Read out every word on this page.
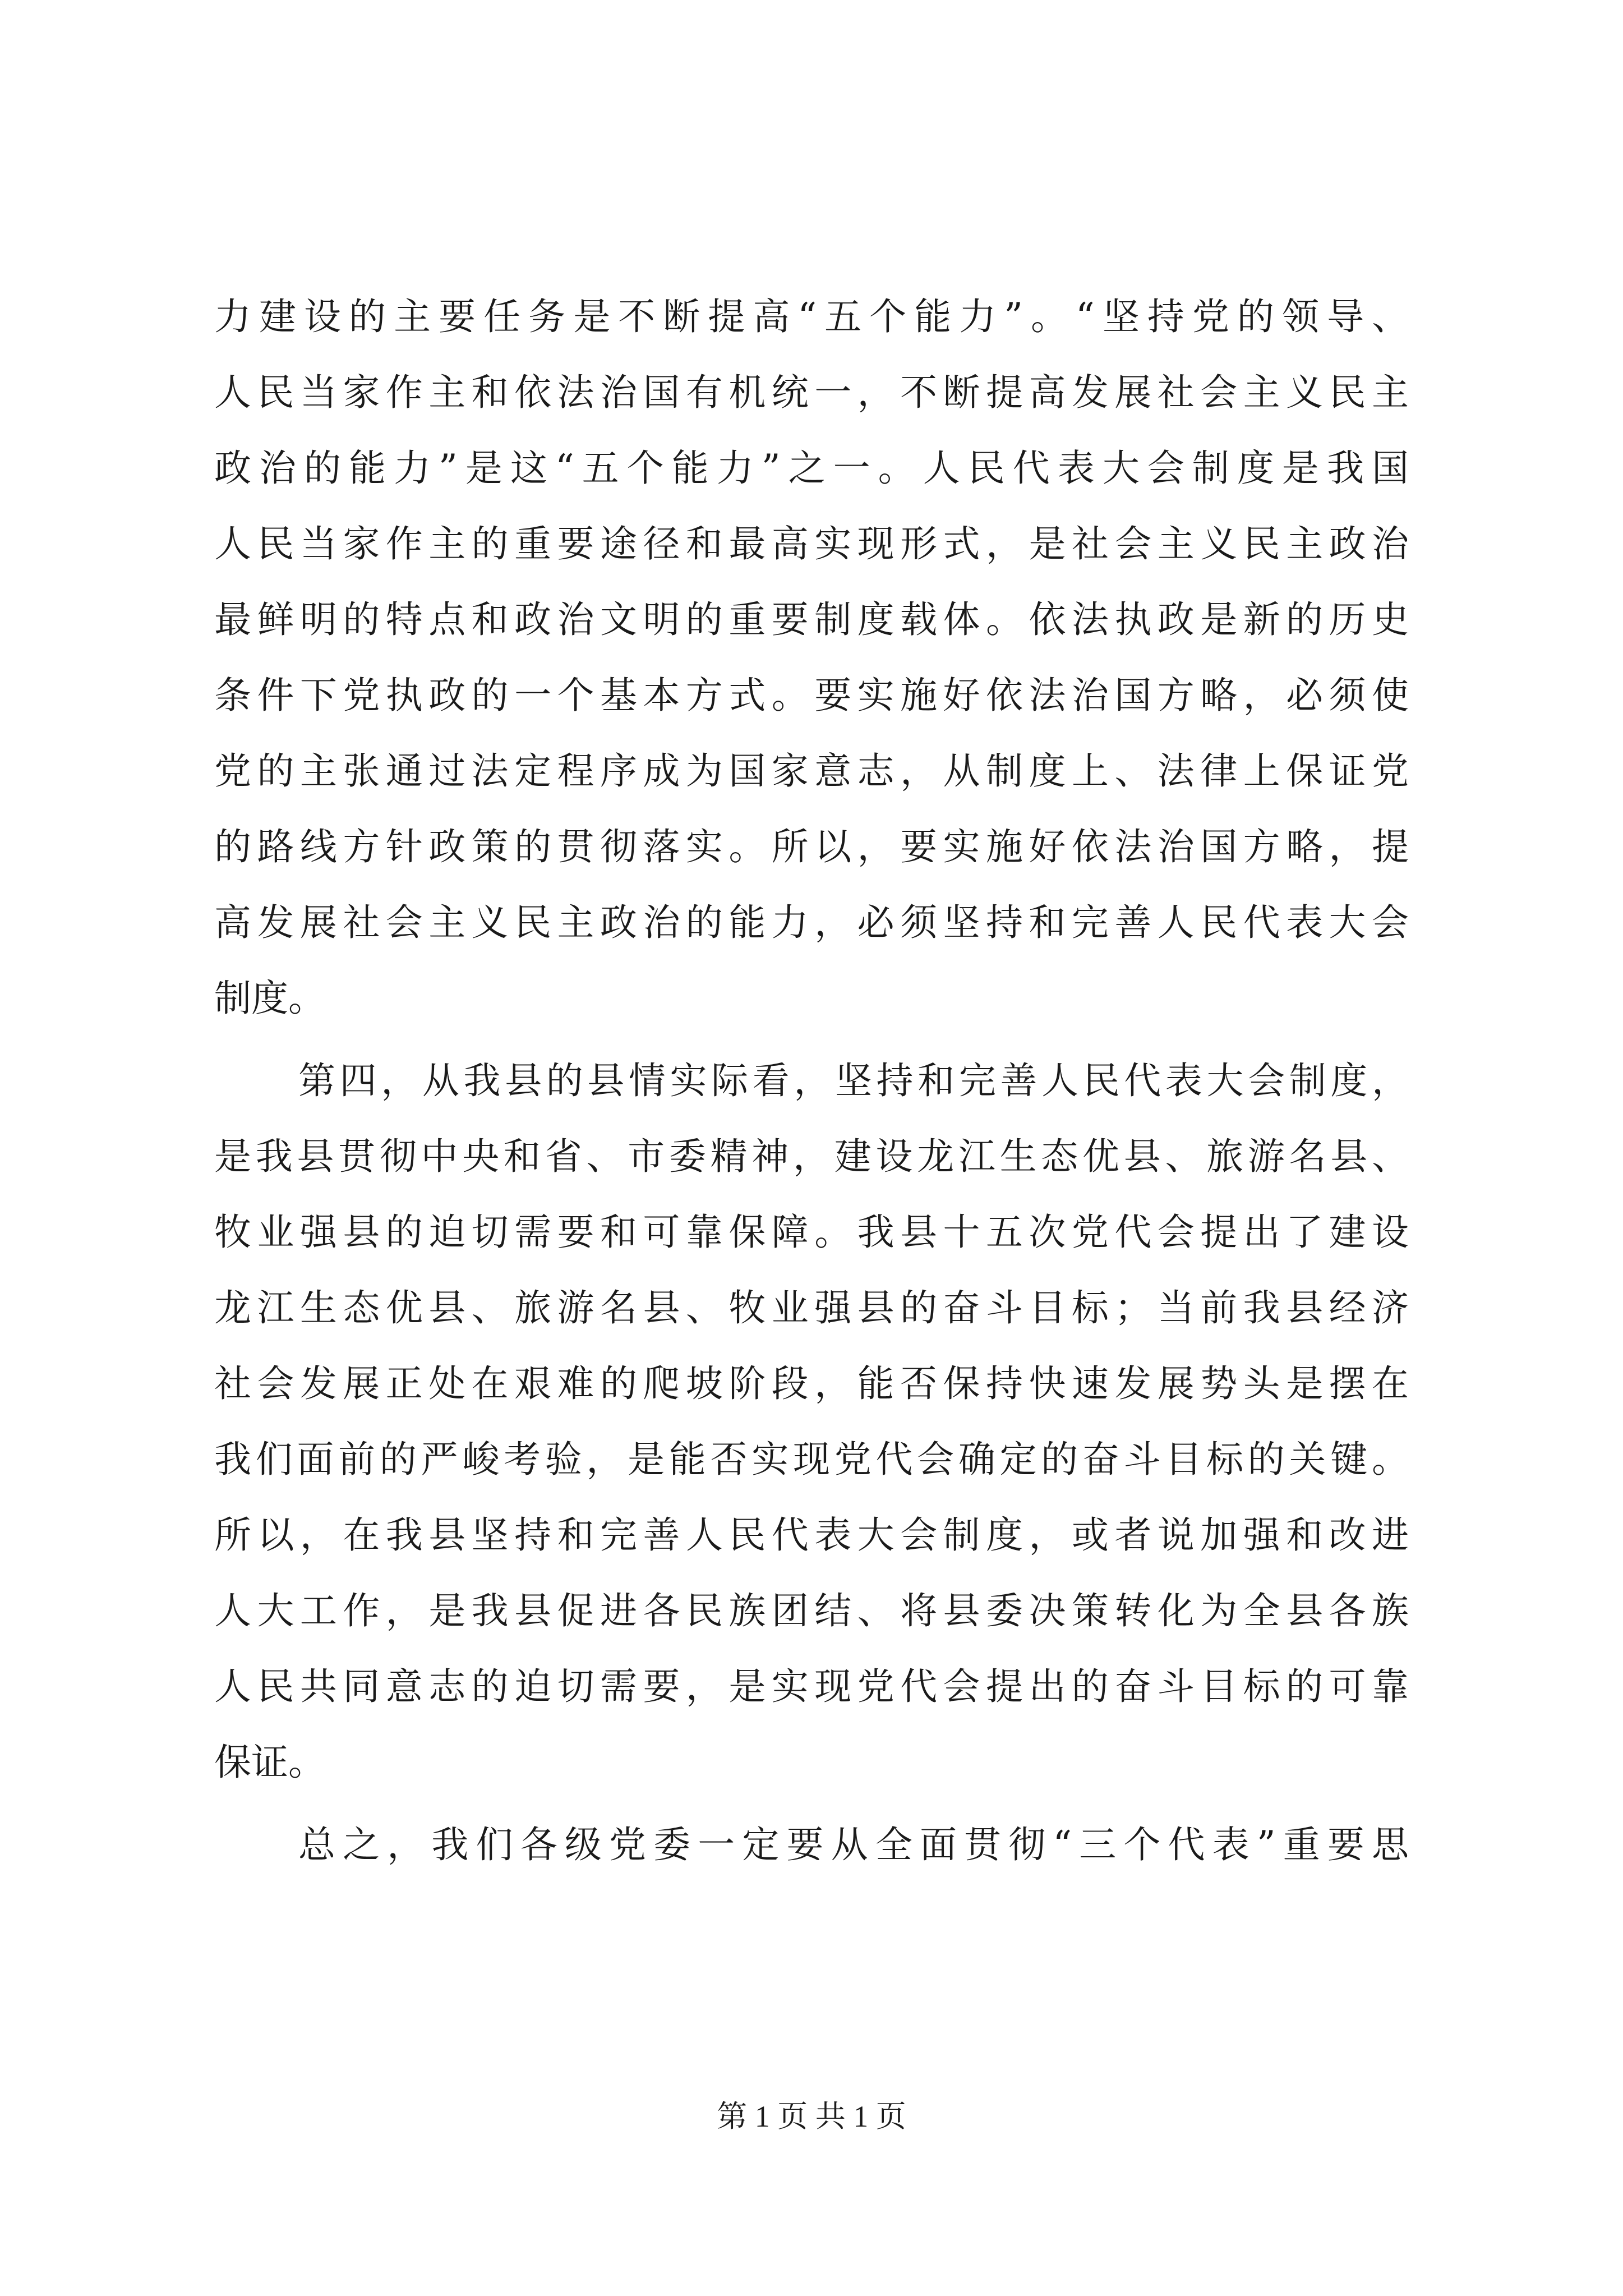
力建设的主要任务是不断提高“五个能力”。“坚持党的领导、
人民当家作主和依法治国有机统一，不断提高发展社会主义民主
政治的能力”是这“五个能力”之一。人民代表大会制度是我国
人民当家作主的重要途径和最高实现形式，是社会主义民主政治
最鲜明的特点和政治文明的重要制度载体。依法执政是新的历史
条件下党执政的一个基本方式。要实施好依法治国方略，必须使
党的主张通过法定程序成为国家意志，从制度上、法律上保证党
的路线方针政策的贯彻落实。所以，要实施好依法治国方略，提
高发展社会主义民主政治的能力，必须坚持和完善人民代表大会
制度。
第四，从我县的县情实际看，坚持和完善人民代表大会制度，
是我县贯彻中央和省、市委精神，建设龙江生态优县、旅游名县、
牧业强县的迫切需要和可靠保障。我县十五次党代会提出了建设
龙江生态优县、旅游名县、牧业强县的奋斗目标；当前我县经济
社会发展正处在艰难的爬坡阶段，能否保持快速发展势头是摆在
我们面前的严峻考验，是能否实现党代会确定的奋斗目标的关键。
所以，在我县坚持和完善人民代表大会制度，或者说加强和改进
人大工作，是我县促进各民族团结、将县委决策转化为全县各族
人民共同意志的迫切需要，是实现党代会提出的奋斗目标的可靠
保证。
总之，我们各级党委一定要从全面贯彻“三个代表”重要思
第 1 页 共 1 页
